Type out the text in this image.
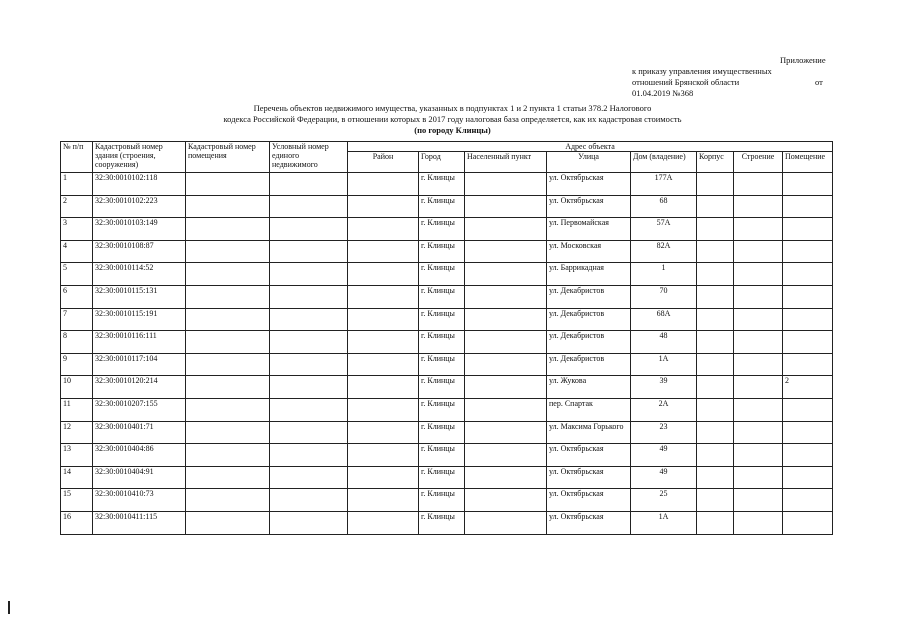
Приложение
к приказу управления имущественных
отношений Брянской области	от
01.04.2019 №368
Перечень объектов недвижимого имущества, указанных в подпунктах 1 и 2 пункта 1 статьи 378.2 Налогового
кодекса Российской Федерации, в отношении которых в 2017 году налоговая база определяется, как их кадастровая стоимость
(по городу Клинцы)
№ п/п	Кадастровый номер здания (строения, сооружения)	Кадастровый номер помещения	Условный номер единого недвижимого	Адрес объекта							
				Район	Город	Населенный пункт	Улица	Дом (владение)	Корпус	Строение	Помещение
1	32:30:0010102:118				г. Клинцы		ул. Октябрьская	177А			
2	32:30:0010102:223				г. Клинцы		ул. Октябрьская	68			
3	32:30:0010103:149				г. Клинцы		ул. Первомайская	57А			
4	32:30:0010108:87				г. Клинцы		ул. Московская	82А			
5	32:30:0010114:52				г. Клинцы		ул. Баррикадная	1			
6	32:30:0010115:131				г. Клинцы		ул. Декабристов	70			
7	32:30:0010115:191				г. Клинцы		ул. Декабристов	68А			
8	32:30:0010116:111				г. Клинцы		ул. Декабристов	48			
9	32:30:0010117:104				г. Клинцы		ул. Декабристов	1А			
10	32:30:0010120:214				г. Клинцы		ул. Жукова	39			2
11	32:30:0010207:155				г. Клинцы		пер. Спартак	2А			
12	32:30:0010401:71				г. Клинцы		ул. Максима Горького	23			
13	32:30:0010404:86				г. Клинцы		ул. Октябрьская	49			
14	32:30:0010404:91				г. Клинцы		ул. Октябрьская	49			
15	32:30:0010410:73				г. Клинцы		ул. Октябрьская	25			
16	32:30:0010411:115				г. Клинцы		ул. Октябрьская	1А			
